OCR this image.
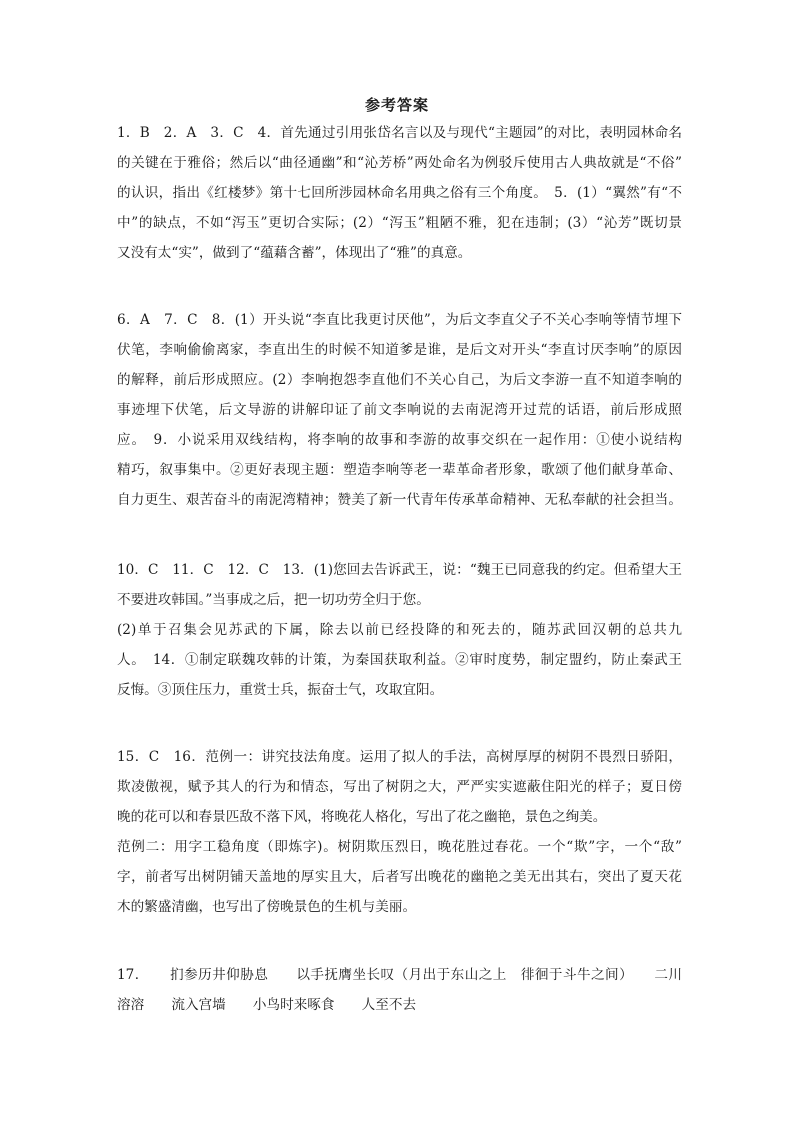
参考答案
1．B　2．A　3．C　4．首先通过引用张岱名言以及与现代“主题园”的对比，表明园林命名
的关键在于雅俗；然后以“曲径通幽”和“沁芳桥”两处命名为例驳斥使用古人典故就是“不俗”
的认识，指出《红楼梦》第十七回所涉园林命名用典之俗有三个角度。　5．(1）“翼然”有“不
中”的缺点，不如“泻玉”更切合实际；(2）“泻玉”粗陋不雅，犯在违制；(3）“沁芳”既切景
又没有太“实”，做到了“蕴藉含蓄”，体现出了“雅”的真意。
6．A　7．C　8．(1）开头说“李直比我更讨厌他”，为后文李直父子不关心李响等情节埋下
伏笔，李响偷偷离家，李直出生的时候不知道爹是谁，是后文对开头“李直讨厌李响”的原因
的解释，前后形成照应。(2）李响抱怨李直他们不关心自己，为后文李游一直不知道李响的
事迹埋下伏笔，后文导游的讲解印证了前文李响说的去南泥湾开过荒的话语，前后形成照
应。　9．小说采用双线结构，将李响的故事和李游的故事交织在一起作用：①使小说结构
精巧，叙事集中。②更好表现主题：塑造李响等老一辈革命者形象，歌颂了他们献身革命、
自力更生、艰苦奋斗的南泥湾精神；赞美了新一代青年传承革命精神、无私奉献的社会担当。
10．C　11．C　12．C　13．(1)您回去告诉武王，说：“魏王已同意我的约定。但希望大王
不要进攻韩国。”当事成之后，把一切功劳全归于您。
(2)单于召集会见苏武的下属，除去以前已经投降的和死去的，随苏武回汉朝的总共九
人。　14．①制定联魏攻韩的计策，为秦国获取利益。②审时度势，制定盟约，防止秦武王
反悔。③顶住压力，重赏士兵，振奋士气，攻取宜阳。
15．C　16．范例一：讲究技法角度。运用了拟人的手法，高树厚厚的树阴不畏烈日骄阳，
欺凌傲视，赋予其人的行为和情态，写出了树阴之大，严严实实遮蔽住阳光的样子；夏日傍
晚的花可以和春景匹敌不落下风，将晚花人格化，写出了花之幽艳，景色之绚美。
范例二：用字工稳角度（即炼字)。树阴欺压烈日，晚花胜过春花。一个“欺”字，一个“敌”
字，前者写出树阴铺天盖地的厚实且大，后者写出晚花的幽艳之美无出其右，突出了夏天花
木的繁盛清幽，也写出了傍晚景色的生机与美丽。
17．　　扪参历井仰胁息　　以手抚膺坐长叹（月出于东山之上　徘徊于斗牛之间）　　二川
溶溶　　流入宫墙　　小鸟时来啄食　　人至不去
